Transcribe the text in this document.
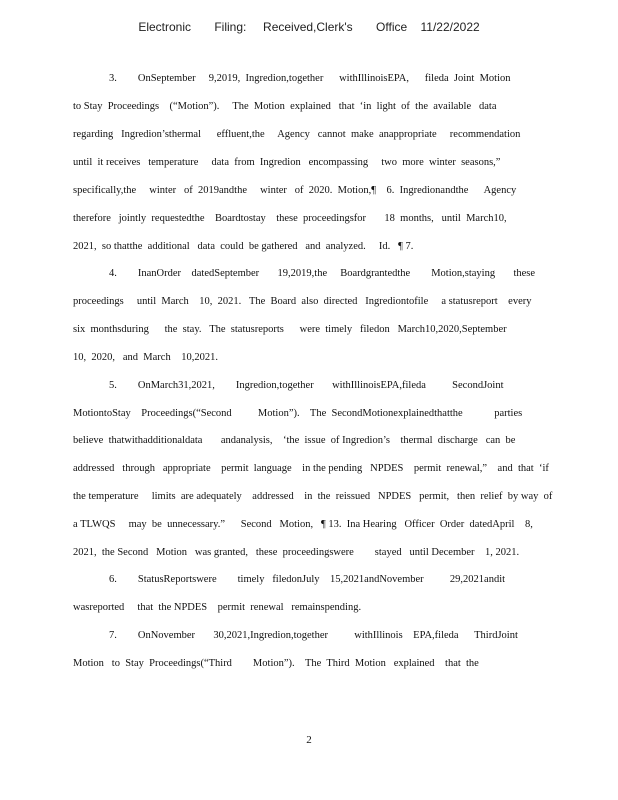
Electronic Filing: Received,Clerk's Office 11/22/2022
3.        OnSeptember     9,2019,  Ingredion,together      withIllinoisEPA,      fileda  Joint  Motion
to Stay  Proceedings    (“Motion”).     The  Motion  explained   that  ‘in  light  of  the  available   data
regarding   Ingredion’sthermal      effluent,the     Agency   cannot  make  anappropriate     recommendation
until  it receives   temperature     data  from  Ingredion   encompassing     two  more  winter  seasons,”
specifically,the     winter   of  2019andthe     winter   of  2020.  Motion,¶    6.  Ingredionandthe      Agency
therefore   jointly  requestedthe    Boardtostay    these  proceedingsfor       18  months,   until  March10,
2021,  so thatthe  additional   data  could  be gathered   and  analyzed.     Id.   ¶ 7.
4.        InanOrder    datedSeptember       19,2019,the     Boardgrantedthe        Motion,staying       these
proceedings     until  March    10,  2021.   The  Board  also  directed   Ingrediontofile     a statusreport    every
six  monthsduring      the  stay.   The  statusreports      were  timely   filedon   March10,2020,September
10,  2020,   and  March    10,2021.
5.        OnMarch31,2021,        Ingredion,together       withIllinoisEPA,fileda          SecondJoint
MotiontoStay    Proceedings(“Second          Motion”).    The  SecondMotionexplainedthatthe            parties
believe  thatwithadditionaldata       andanalysis,    ‘the  issue  of Ingredion’s    thermal  discharge   can  be
addressed   through   appropriate    permit  language    in the pending   NPDES    permit  renewal,”    and  that  ‘if
the temperature     limits  are adequately    addressed    in  the  reissued   NPDES   permit,   then  relief  by way  of
a TLWQS     may  be  unnecessary.”      Second   Motion,   ¶ 13.  Ina Hearing   Officer  Order  datedApril    8,
2021,  the Second   Motion   was granted,   these  proceedingswere        stayed   until December    1, 2021.
6.        StatusReportswere        timely   filedonJuly    15,2021andNovember          29,2021andit
wasreported     that  the NPDES    permit  renewal   remainspending.
7.        OnNovember       30,2021,Ingredion,together          withIllinois    EPA,fileda      ThirdJoint
Motion   to  Stay  Proceedings(“Third        Motion”).    The  Third  Motion   explained    that  the
2
